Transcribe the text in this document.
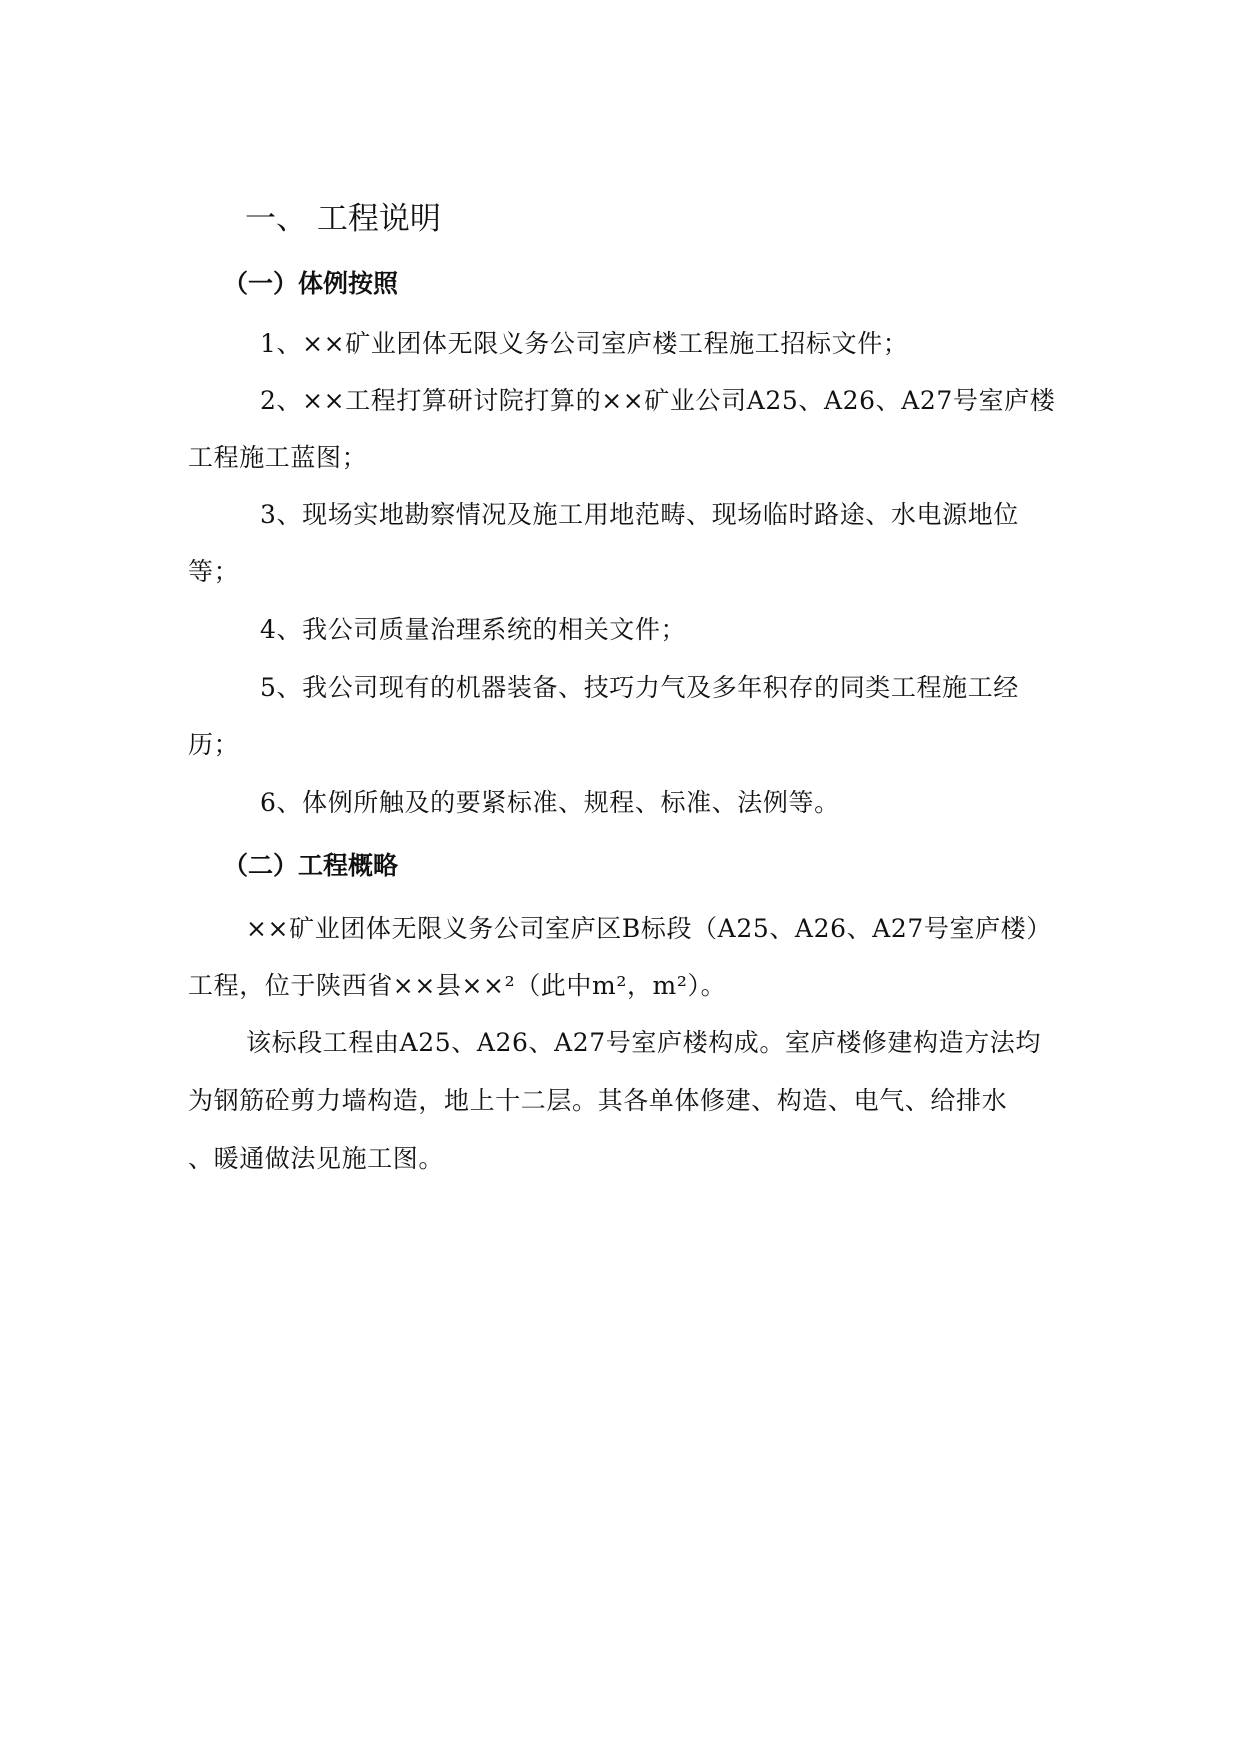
一、 工程说明
（一）体例按照
1、××矿业团体无限义务公司室庐楼工程施工招标文件；
2、××工程打算研讨院打算的××矿业公司A25、A26、A27号室庐楼
工程施工蓝图；
3、现场实地勘察情况及施工用地范畴、现场临时路途、水电源地位
等；
4、我公司质量治理系统的相关文件；
5、我公司现有的机器装备、技巧力气及多年积存的同类工程施工经
历；
6、体例所触及的要紧标准、规程、标准、法例等。
（二）工程概略
××矿业团体无限义务公司室庐区B标段（A25、A26、A27号室庐楼）
工程，位于陕西省××县××²（此中m²，m²）。
该标段工程由A25、A26、A27号室庐楼构成。室庐楼修建构造方法均
为钢筋砼剪力墙构造，地上十二层。其各单体修建、构造、电气、给排水
、暖通做法见施工图。
